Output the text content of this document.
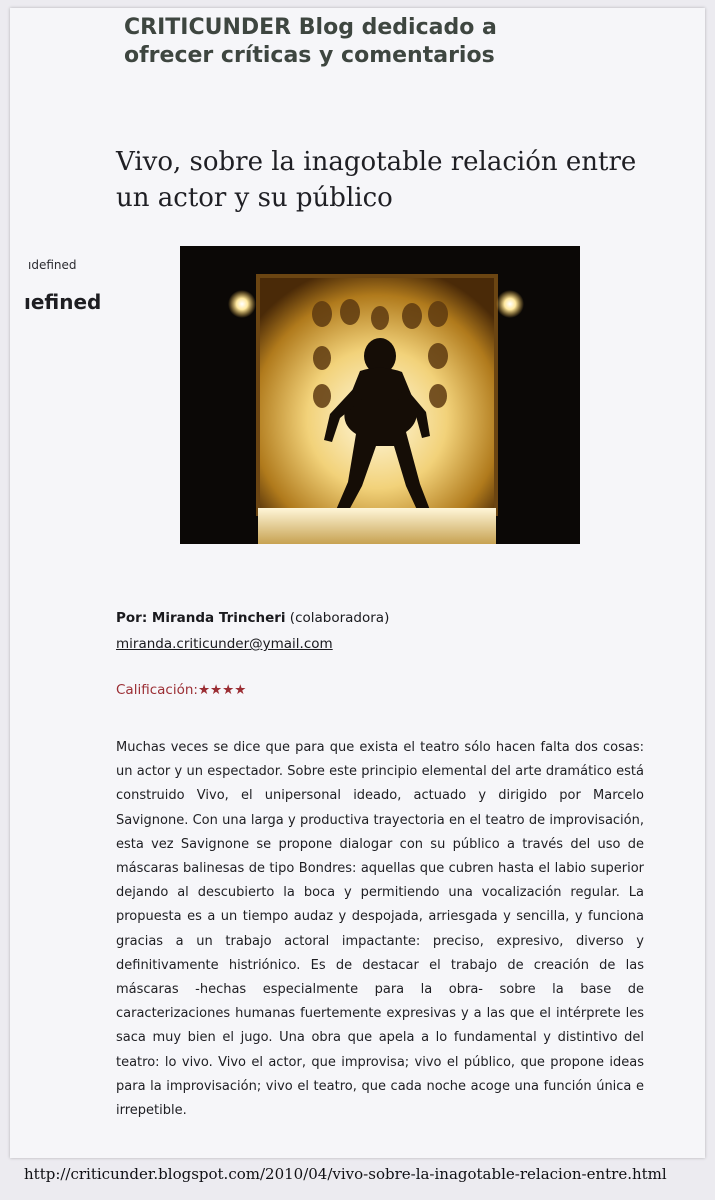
CRITICUNDER Blog dedicado a
ofrecer críticas y comentarios
Vivo, sobre la inagotable relación entre un actor y su público
ıdefined
ıefined
Por: Miranda Trincheri (colaboradora)
miranda.criticunder@ymail.com
Calificación:★★★★
Muchas veces se dice que para que exista el teatro sólo hacen falta dos cosas: un actor y un espectador. Sobre este principio elemental del arte dramático está construido Vivo, el unipersonal ideado, actuado y dirigido por Marcelo Savignone. Con una larga y productiva trayectoria en el teatro de improvisación, esta vez Savignone se propone dialogar con su público a través del uso de máscaras balinesas de tipo Bondres: aquellas que cubren hasta el labio superior dejando al descubierto la boca y permitiendo una vocalización regular. La propuesta es a un tiempo audaz y despojada, arriesgada y sencilla, y funciona gracias a un trabajo actoral impactante: preciso, expresivo, diverso y definitivamente histriónico. Es de destacar el trabajo de creación de las máscaras -hechas especialmente para la obra- sobre la base de caracterizaciones humanas fuertemente expresivas y a las que el intérprete les saca muy bien el jugo. Una obra que apela a lo fundamental y distintivo del teatro: lo vivo. Vivo el actor, que improvisa; vivo el público, que propone ideas para la improvisación; vivo el teatro, que cada noche acoge una función única e irrepetible.
http://criticunder.blogspot.com/2010/04/vivo-sobre-la-inagotable-relacion-entre.html
